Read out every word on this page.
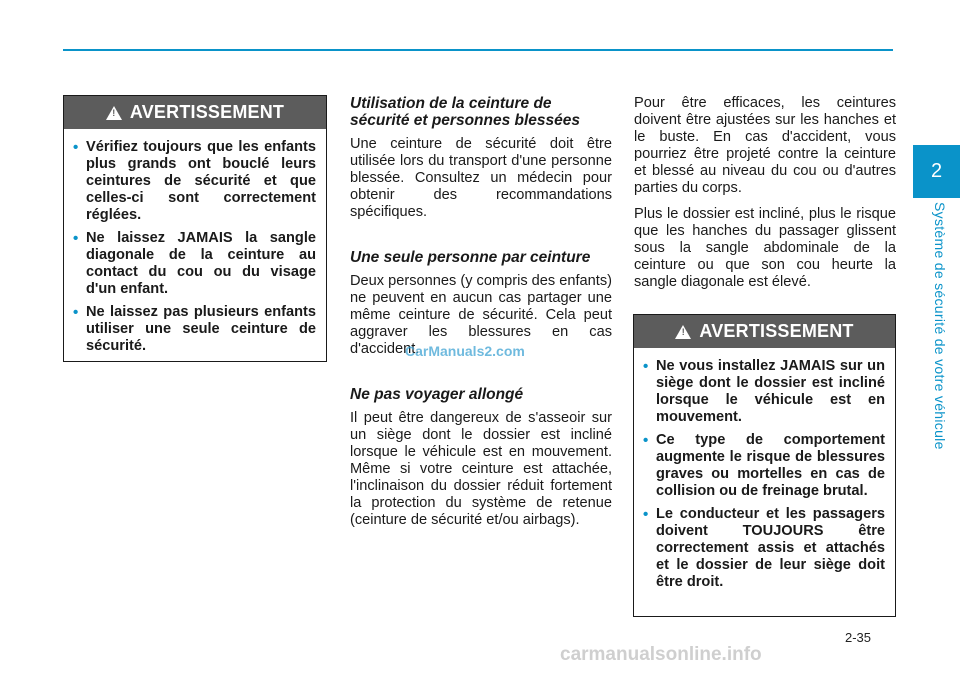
2
Système de sécurité de votre véhicule
! AVERTISSEMENT
• Vérifiez toujours que les enfants plus grands ont bouclé leurs ceintures de sécurité et que celles-ci sont correctement réglées.
• Ne laissez JAMAIS la sangle diagonale de la ceinture au contact du cou ou du visage d'un enfant.
• Ne laissez pas plusieurs enfants utiliser une seule ceinture de sécurité.
Utilisation de la ceinture de sécurité et personnes blessées

Une ceinture de sécurité doit être utilisée lors du transport d'une personne blessée. Consultez un médecin pour obtenir des recommandations spécifiques.

Une seule personne par ceinture

Deux personnes (y compris des enfants) ne peuvent en aucun cas partager une même ceinture de sécurité. Cela peut aggraver les blessures en cas d'accident.

Ne pas voyager allongé

Il peut être dangereux de s'asseoir sur un siège dont le dossier est incliné lorsque le véhicule est en mouvement. Même si votre ceinture est attachée, l'inclinaison du dossier réduit fortement la protection du système de retenue (ceinture de sécurité et/ou airbags).

Pour être efficaces, les ceintures doivent être ajustées sur les hanches et le buste. En cas d'accident, vous pourriez être projeté contre la ceinture et blessé au niveau du cou ou d'autres parties du corps.

Plus le dossier est incliné, plus le risque que les hanches du passager glissent sous la sangle abdominale de la ceinture ou que son cou heurte la sangle diagonale est élevé.

! AVERTISSEMENT
• Ne vous installez JAMAIS sur un siège dont le dossier est incliné lorsque le véhicule est en mouvement.
• Ce type de comportement augmente le risque de blessures graves ou mortelles en cas de collision ou de freinage brutal.
• Le conducteur et les passagers doivent TOUJOURS être correctement assis et attachés et le dossier de leur siège doit être droit.
2-35
CarManuals2.com
carmanualsonline.info
